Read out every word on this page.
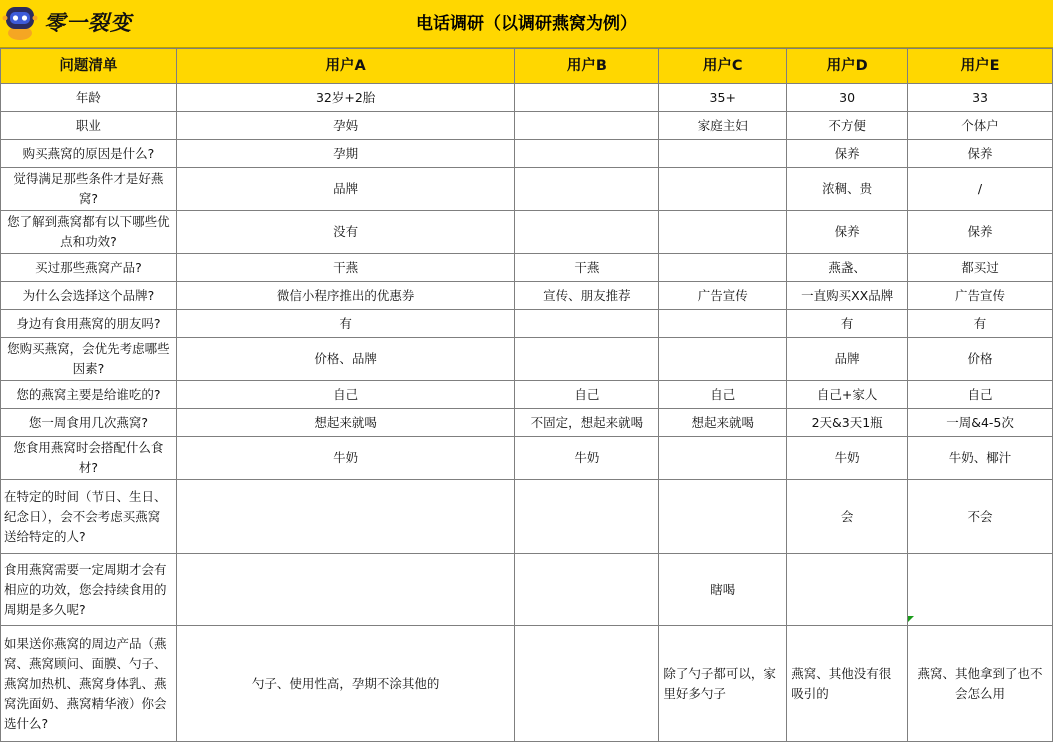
零一裂变	电话调研（以调研燕窝为例）
问题清单	用户A	用户B	用户C	用户D	用户E
年龄	32岁+2胎		35+	30	33
职业	孕妈		家庭主妇	不方便	个体户
购买燕窝的原因是什么?	孕期			保养	保养
觉得满足那些条件才是好燕窝?	品牌			浓稠、贵	/
您了解到燕窝都有以下哪些优点和功效?	没有			保养	保养
买过那些燕窝产品?	干燕	干燕		燕盏、	都买过
为什么会选择这个品牌?	微信小程序推出的优惠券	宣传、朋友推荐	广告宣传	一直购买XX品牌	广告宣传
身边有食用燕窝的朋友吗?	有			有	有
您购买燕窝，会优先考虑哪些因素?	价格、品牌			品牌	价格
您的燕窝主要是给谁吃的?	自己	自己	自己	自己+家人	自己
您一周食用几次燕窝?	想起来就喝	不固定，想起来就喝	想起来就喝	2天&3天1瓶	一周&4-5次
您食用燕窝时会搭配什么食材?	牛奶	牛奶		牛奶	牛奶、椰汁
在特定的时间（节日、生日、纪念日），会不会考虑买燕窝送给特定的人?				会	不会
食用燕窝需要一定周期才会有相应的功效，您会持续食用的周期是多久呢?			瞎喝		
如果送你燕窝的周边产品（燕窝、燕窝顾问、面膜、勺子、燕窝加热机、燕窝身体乳、燕窝洗面奶、燕窝精华液）你会选什么?	勺子、使用性高，孕期不涂其他的		除了勺子都可以，家里好多勺子	燕窝、其他没有很吸引的	燕窝、其他拿到了也不会怎么用
